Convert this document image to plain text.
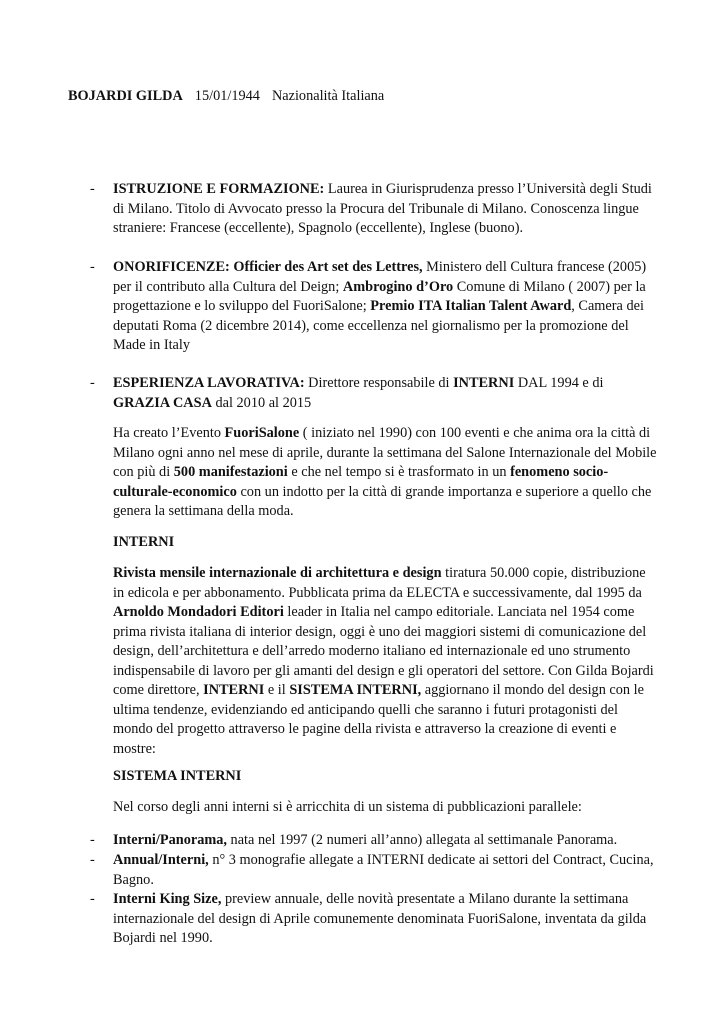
BOJARDI GILDA 15/01/1944 Nazionalità Italiana

- ISTRUZIONE E FORMAZIONE: Laurea in Giurisprudenza presso l’Università degli Studi di Milano. Titolo di Avvocato presso la Procura del Tribunale di Milano. Conoscenza lingue straniere: Francese (eccellente), Spagnolo (eccellente), Inglese (buono).

- ONORIFICENZE: Officier des Art set des Lettres, Ministero dell Cultura francese (2005) per il contributo alla Cultura del Deign; Ambrogino d’Oro Comune di Milano ( 2007) per la progettazione e lo sviluppo del FuoriSalone; Premio ITA Italian Talent Award, Camera dei deputati Roma (2 dicembre 2014), come eccellenza nel giornalismo per la promozione del Made in Italy

- ESPERIENZA LAVORATIVA: Direttore responsabile di INTERNI DAL 1994 e di GRAZIA CASA dal 2010 al 2015

Ha creato l’Evento FuoriSalone ( iniziato nel 1990) con 100 eventi e che anima ora la città di Milano ogni anno nel mese di aprile, durante la settimana del Salone Internazionale del Mobile con più di 500 manifestazioni e che nel tempo si è trasformato in un fenomeno socio-culturale-economico con un indotto per la città di grande importanza e superiore a quello che genera la settimana della moda.

INTERNI

Rivista mensile internazionale di architettura e design tiratura 50.000 copie, distribuzione in edicola e per abbonamento. Pubblicata prima da ELECTA e successivamente, dal 1995 da Arnoldo Mondadori Editori leader in Italia nel campo editoriale. Lanciata nel 1954 come prima rivista italiana di interior design, oggi è uno dei maggiori sistemi di comunicazione del design, dell’architettura e dell’arredo moderno italiano ed internazionale ed uno strumento indispensabile di lavoro per gli amanti del design e gli operatori del settore. Con Gilda Bojardi come direttore, INTERNI e il SISTEMA INTERNI, aggiornano il mondo del design con le ultima tendenze, evidenziando ed anticipando quelli che saranno i futuri protagonisti del mondo del progetto attraverso le pagine della rivista e attraverso la creazione di eventi e mostre:

SISTEMA INTERNI

Nel corso degli anni interni si è arricchita di un sistema di pubblicazioni parallele:

- Interni/Panorama, nata nel 1997 (2 numeri all’anno) allegata al settimanale Panorama.

- Annual/Interni, n° 3 monografie allegate a INTERNI dedicate ai settori del Contract, Cucina, Bagno.

- Interni King Size, preview annuale, delle novità presentate a Milano durante la settimana internazionale del design di Aprile comunemente denominata FuoriSalone, inventata da gilda Bojardi nel 1990.
